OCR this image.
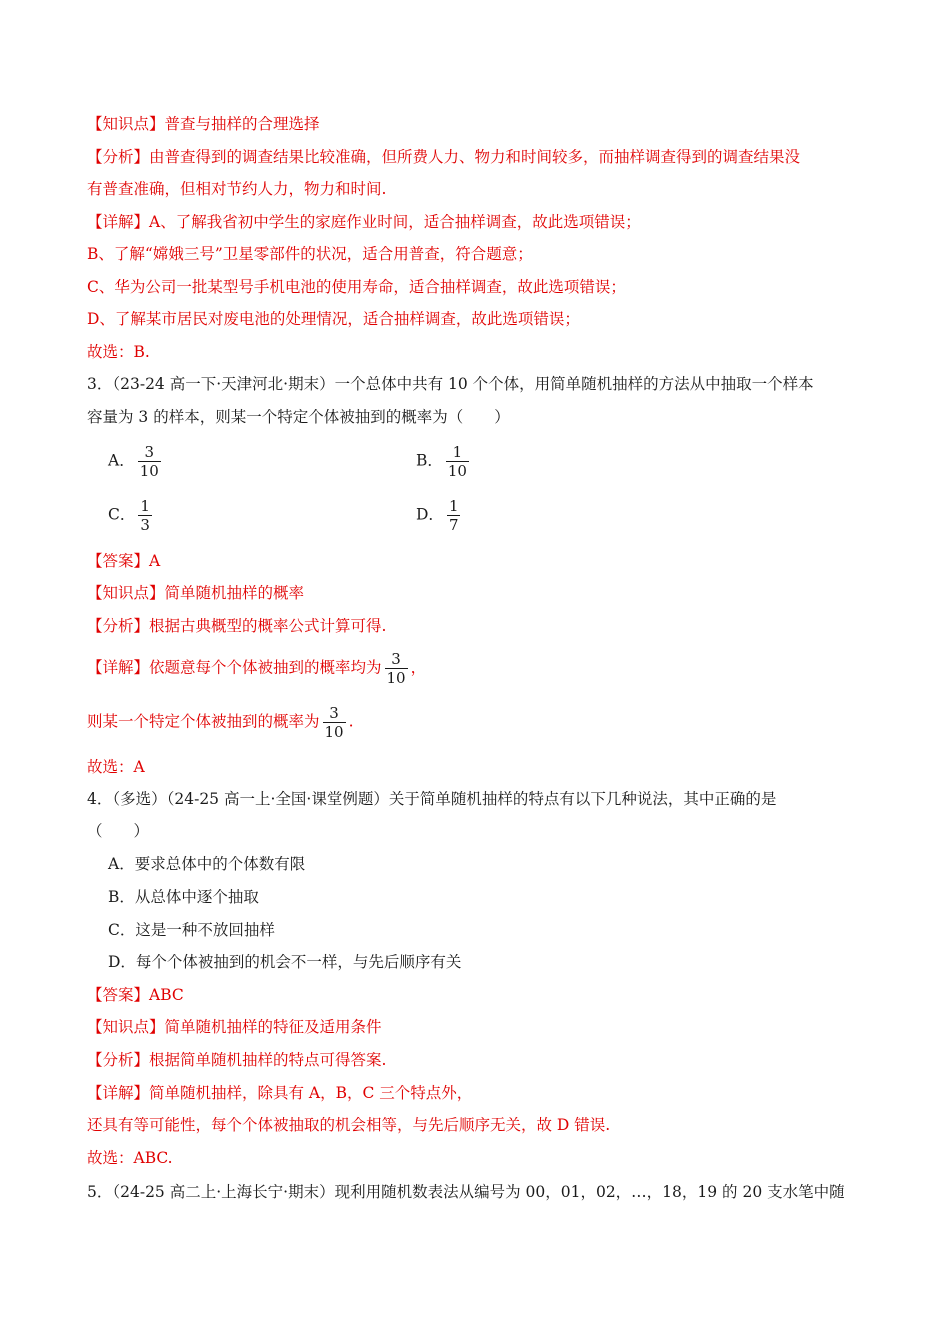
【知识点】普查与抽样的合理选择
【分析】由普查得到的调查结果比较准确，但所费人力、物力和时间较多，而抽样调查得到的调查结果没
有普查准确，但相对节约人力，物力和时间.
【详解】A、了解我省初中学生的家庭作业时间，适合抽样调查，故此选项错误；
B、了解“嫦娥三号”卫星零部件的状况，适合用普查，符合题意；
C、华为公司一批某型号手机电池的使用寿命，适合抽样调查，故此选项错误；
D、了解某市居民对废电池的处理情况，适合抽样调查，故此选项错误；
故选：B.
3．（23-24 高一下·天津河北·期末）一个总体中共有 10 个个体，用简单随机抽样的方法从中抽取一个样本
容量为 3 的样本，则某一个特定个体被抽到的概率为（　　）
A． $\frac{3}{10}$	B． $\frac{1}{10}$
C． $\frac{1}{3}$	D． $\frac{1}{7}$
【答案】A
【知识点】简单随机抽样的概率
【分析】根据古典概型的概率公式计算可得.
【详解】依题意每个个体被抽到的概率均为 $\frac{3}{10}$ ，
则某一个特定个体被抽到的概率为 $\frac{3}{10}$ .
故选：A
4．（多选）（24-25 高一上·全国·课堂例题）关于简单随机抽样的特点有以下几种说法，其中正确的是
（　　）
A．要求总体中的个体数有限
B．从总体中逐个抽取
C．这是一种不放回抽样
D．每个个体被抽到的机会不一样，与先后顺序有关
【答案】ABC
【知识点】简单随机抽样的特征及适用条件
【分析】根据简单随机抽样的特点可得答案.
【详解】简单随机抽样，除具有 A，B，C 三个特点外，
还具有等可能性，每个个体被抽取的机会相等，与先后顺序无关，故 D 错误.
故选：ABC.
5．（24-25 高二上·上海长宁·期末）现利用随机数表法从编号为 00，01，02，…，18，19 的 20 支水笔中随
